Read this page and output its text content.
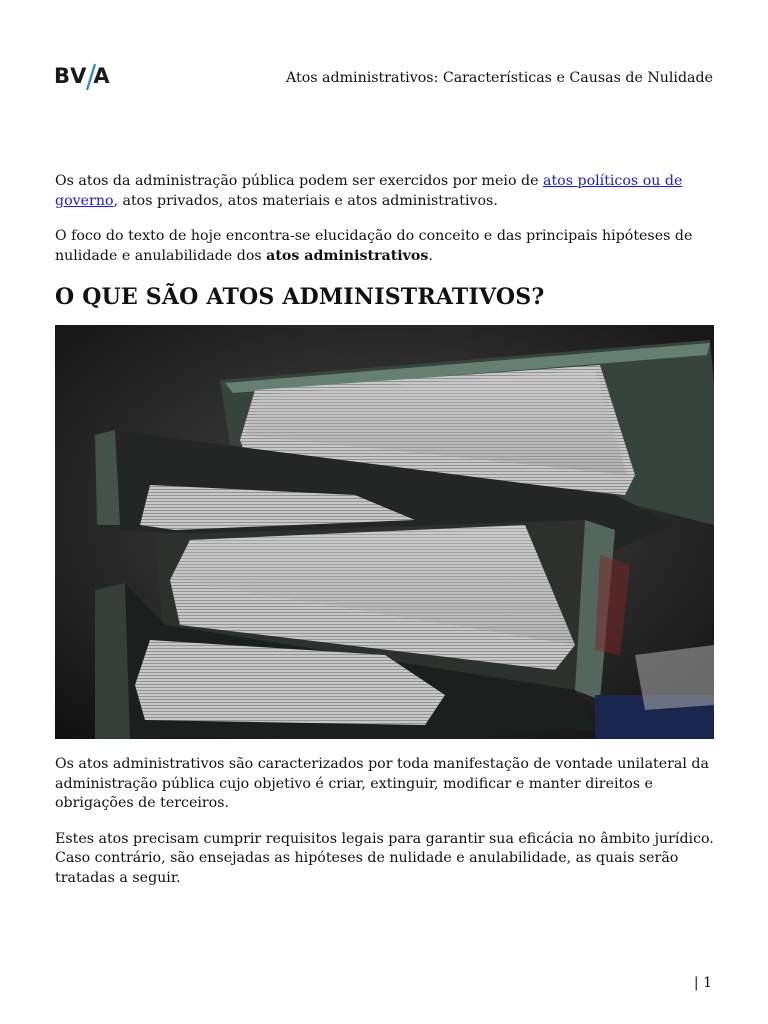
BV A	Atos administrativos: Características e Causas de Nulidade

Os atos da administração pública podem ser exercidos por meio de atos políticos ou de governo, atos privados, atos materiais e atos administrativos.

O foco do texto de hoje encontra-se elucidação do conceito e das principais hipóteses de nulidade e anulabilidade dos atos administrativos.

O QUE SÃO ATOS ADMINISTRATIVOS?

Os atos administrativos são caracterizados por toda manifestação de vontade unilateral da administração pública cujo objetivo é criar, extinguir, modificar e manter direitos e obrigações de terceiros.

Estes atos precisam cumprir requisitos legais para garantir sua eficácia no âmbito jurídico. Caso contrário, são ensejadas as hipóteses de nulidade e anulabilidade, as quais serão tratadas a seguir.

| 1
